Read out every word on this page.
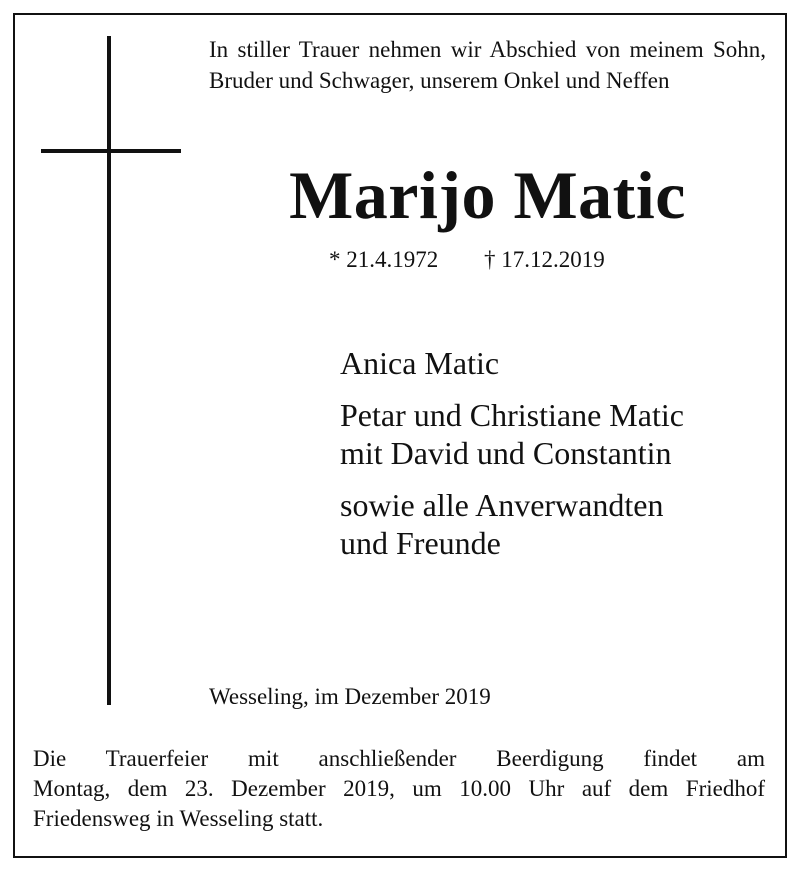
In stiller Trauer nehmen wir Abschied von meinem Sohn, Bruder und Schwager, unserem Onkel und Neffen

Marijo Matic
* 21.4.1972 † 17.12.2019

Anica Matic

Petar und Christiane Matic
mit David und Constantin

sowie alle Anverwandten
und Freunde

Wesseling, im Dezember 2019
Die Trauerfeier mit anschließender Beerdigung findet am
Montag, dem 23. Dezember 2019, um 10.00 Uhr auf dem Friedhof
Friedensweg in Wesseling statt.
